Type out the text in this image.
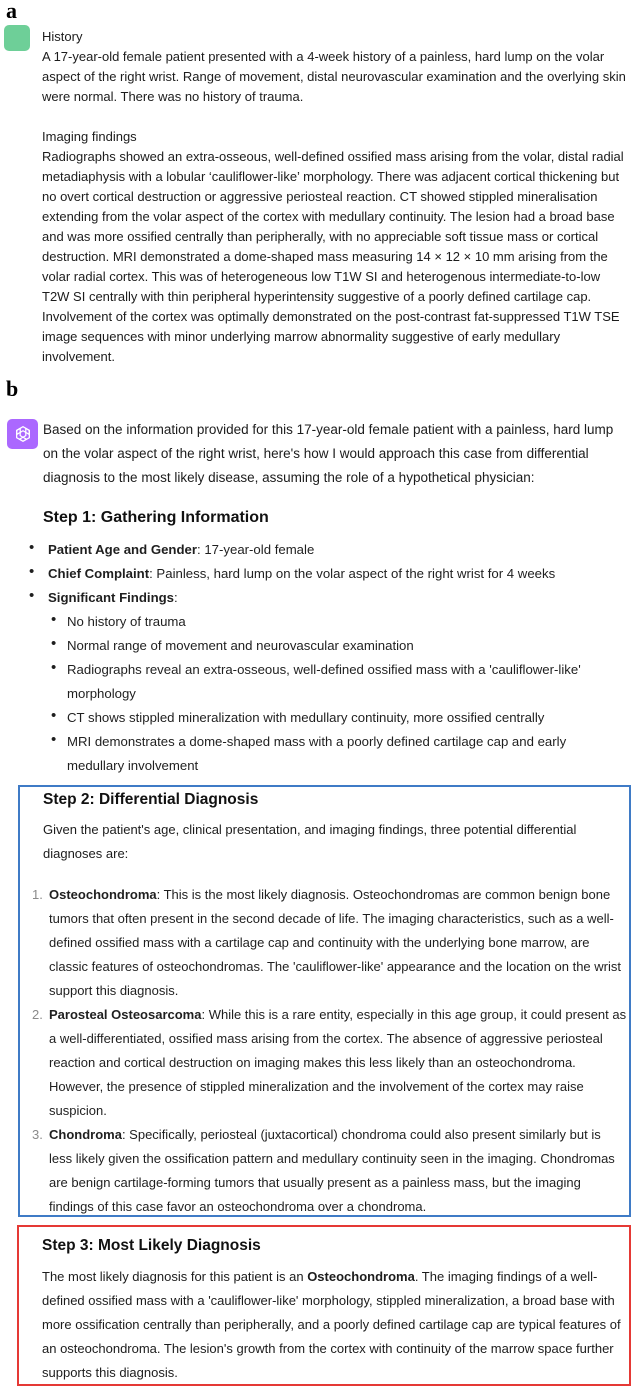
a

History

A 17-year-old female patient presented with a 4-week history of a painless, hard lump on the volar aspect of the right wrist. Range of movement, distal neurovascular examination and the overlying skin were normal. There was no history of trauma.

Imaging findings

Radiographs showed an extra-osseous, well-defined ossified mass arising from the volar, distal radial metadiaphysis with a lobular ‘cauliflower-like’ morphology. There was adjacent cortical thickening but no overt cortical destruction or aggressive periosteal reaction. CT showed stippled mineralisation extending from the volar aspect of the cortex with medullary continuity. The lesion had a broad base and was more ossified centrally than peripherally, with no appreciable soft tissue mass or cortical destruction. MRI demonstrated a dome-shaped mass measuring 14 × 12 × 10 mm arising from the volar radial cortex. This was of heterogeneous low T1W SI and heterogenous intermediate-to-low T2W SI centrally with thin peripheral hyperintensity suggestive of a poorly defined cartilage cap. Involvement of the cortex was optimally demonstrated on the post-contrast fat-suppressed T1W TSE image sequences with minor underlying marrow abnormality suggestive of early medullary involvement.

b
Based on the information provided for this 17-year-old female patient with a painless, hard lump on the volar aspect of the right wrist, here's how I would approach this case from differential diagnosis to the most likely disease, assuming the role of a hypothetical physician:
Step 1: Gathering Information
• Patient Age and Gender: 17-year-old female
• Chief Complaint: Painless, hard lump on the volar aspect of the right wrist for 4 weeks
• Significant Findings:
• No history of trauma
• Normal range of movement and neurovascular examination
• Radiographs reveal an extra-osseous, well-defined ossified mass with a 'cauliflower-like' morphology
• CT shows stippled mineralization with medullary continuity, more ossified centrally
• MRI demonstrates a dome-shaped mass with a poorly defined cartilage cap and early medullary involvement
Step 2: Differential Diagnosis
Given the patient's age, clinical presentation, and imaging findings, three potential differential diagnoses are:
1. Osteochondroma: This is the most likely diagnosis. Osteochondromas are common benign bone tumors that often present in the second decade of life. The imaging characteristics, such as a well-defined ossified mass with a cartilage cap and continuity with the underlying bone marrow, are classic features of osteochondromas. The 'cauliflower-like' appearance and the location on the wrist support this diagnosis.
2. Parosteal Osteosarcoma: While this is a rare entity, especially in this age group, it could present as a well-differentiated, ossified mass arising from the cortex. The absence of aggressive periosteal reaction and cortical destruction on imaging makes this less likely than an osteochondroma. However, the presence of stippled mineralization and the involvement of the cortex may raise suspicion.
3. Chondroma: Specifically, periosteal (juxtacortical) chondroma could also present similarly but is less likely given the ossification pattern and medullary continuity seen in the imaging. Chondromas are benign cartilage-forming tumors that usually present as a painless mass, but the imaging findings of this case favor an osteochondroma over a chondroma.
Step 3: Most Likely Diagnosis
The most likely diagnosis for this patient is an Osteochondroma. The imaging findings of a well-defined ossified mass with a 'cauliflower-like' morphology, stippled mineralization, a broad base with more ossification centrally than peripherally, and a poorly defined cartilage cap are typical features of an osteochondroma. The lesion's growth from the cortex with continuity of the marrow space further supports this diagnosis.
